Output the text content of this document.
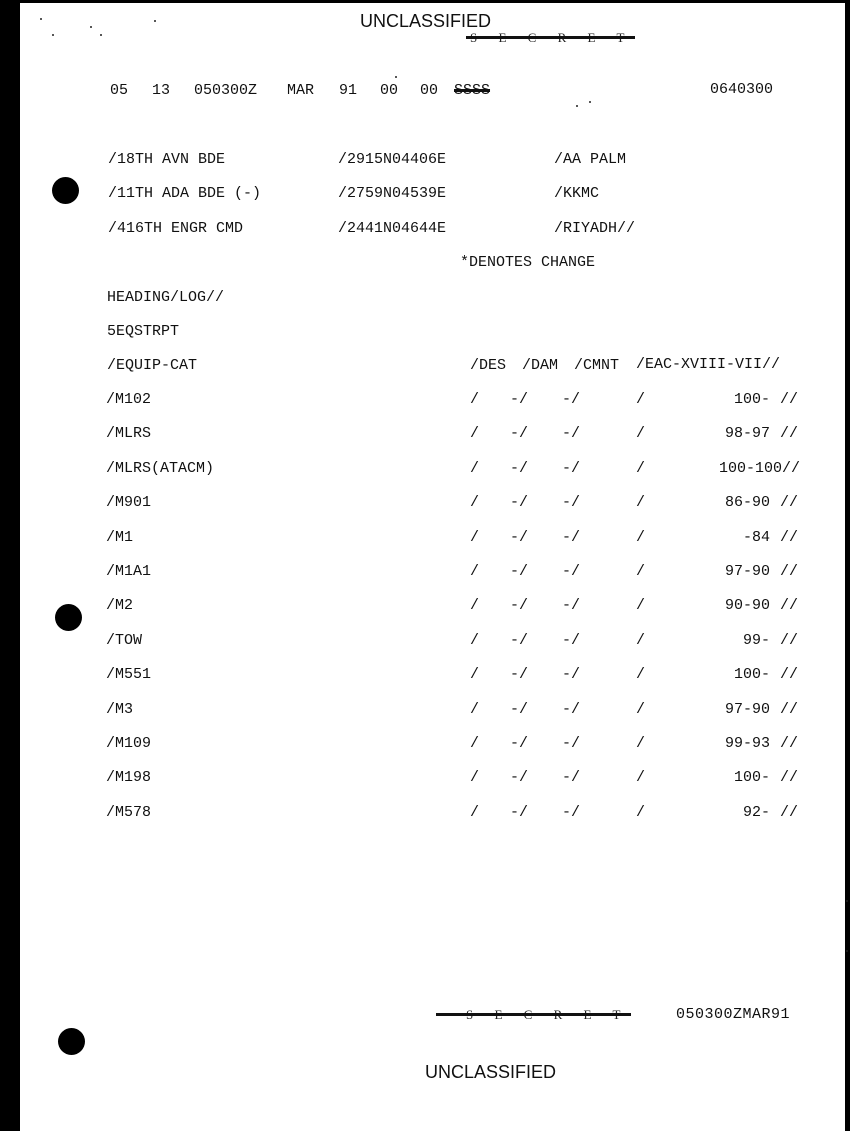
UNCLASSIFIED
05 13 050300Z MAR 91 00 00 SSSS	0640300
/18TH AVN BDE	/2915N04406E	/AA PALM
/11TH ADA BDE (-)	/2759N04539E	/KKMC
/416TH ENGR CMD	/2441N04644E	/RIYADH//
*DENOTES CHANGE
HEADING/LOG//
5EQSTRPT
/EQUIP-CAT	/DES /DAM /CMNT /EAC-XVIII-VII//
/M102	/ -/ -/	/	100- //
/MLRS	/ -/ -/	/	98-97 //
/MLRS(ATACM)	/ -/ -/	/	100-100//
/M901	/ -/ -/	/	86-90 //
/M1	/ -/ -/	/	-84 //
/M1A1	/ -/ -/	/	97-90 //
/M2	/ -/ -/	/	90-90 //
/TOW	/ -/ -/	/	99- //
/M551	/ -/ -/	/	100- //
/M3	/ -/ -/	/	97-90 //
/M109	/ -/ -/	/	99-93 //
/M198	/ -/ -/	/	100- //
/M578	/ -/ -/	/	92- //
050300ZMAR91
UNCLASSIFIED
